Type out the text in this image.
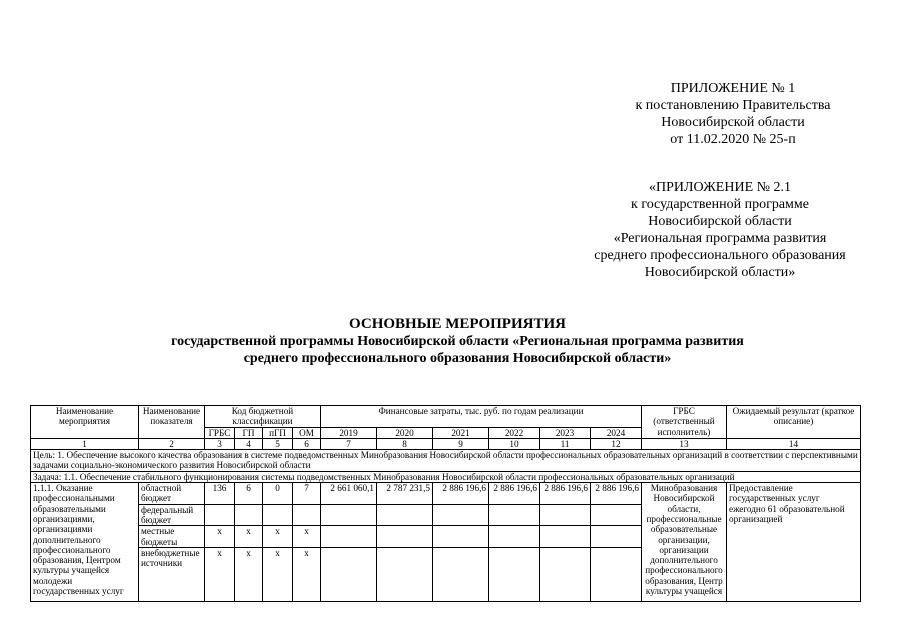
ПРИЛОЖЕНИЕ № 1
к постановлению Правительства
Новосибирской области
от 11.02.2020 № 25-п
«ПРИЛОЖЕНИЕ № 2.1
к государственной программе
Новосибирской области
«Региональная программа развития
среднего профессионального образования
Новосибирской области»
ОСНОВНЫЕ МЕРОПРИЯТИЯ
государственной программы Новосибирской области «Региональная программа развития
среднего профессионального образования Новосибирской области»
Наименование мероприятия	Наименование показателя	Код бюджетной классификации				Финансовые затраты, тыс. руб. по годам реализации						ГРБС (ответственный исполнитель)	Ожидаемый результат (краткое описание)
		ГРБС	ГП	пГП	ОМ	2019	2020	2021	2022	2023	2024		
1	2	3	4	5	6	7	8	9	10	11	12	13	14
Цель: 1. Обеспечение высокого качества образования в системе подведомственных Минобразования Новосибирской области профессиональных образовательных организаций в соответствии с перспективными задачами социально-экономического развития Новосибирской области													
Задача: 1.1. Обеспечение стабильного функционирования системы подведомственных Минобразования Новосибирской области профессиональных образовательных организаций													
1.1.1. Оказание профессиональными образовательными организациями, организациями дополнительного профессионального образования, Центром культуры учащейся молодежи государственных услуг	областной бюджет	136	6	0	7	2 661 060,1	2 787 231,5	2 886 196,6	2 886 196,6	2 886 196,6	2 886 196,6	Минобразования Новосибирской области, профессиональные образовательные организации, организации дополнительного профессионального образования, Центр культуры учащейся	Предоставление государственных услуг ежегодно 61 образовательной организацией
	федеральный бюджет												
	местные бюджеты	x	x	x	x								
	внебюджетные источники	x	x	x	x								
